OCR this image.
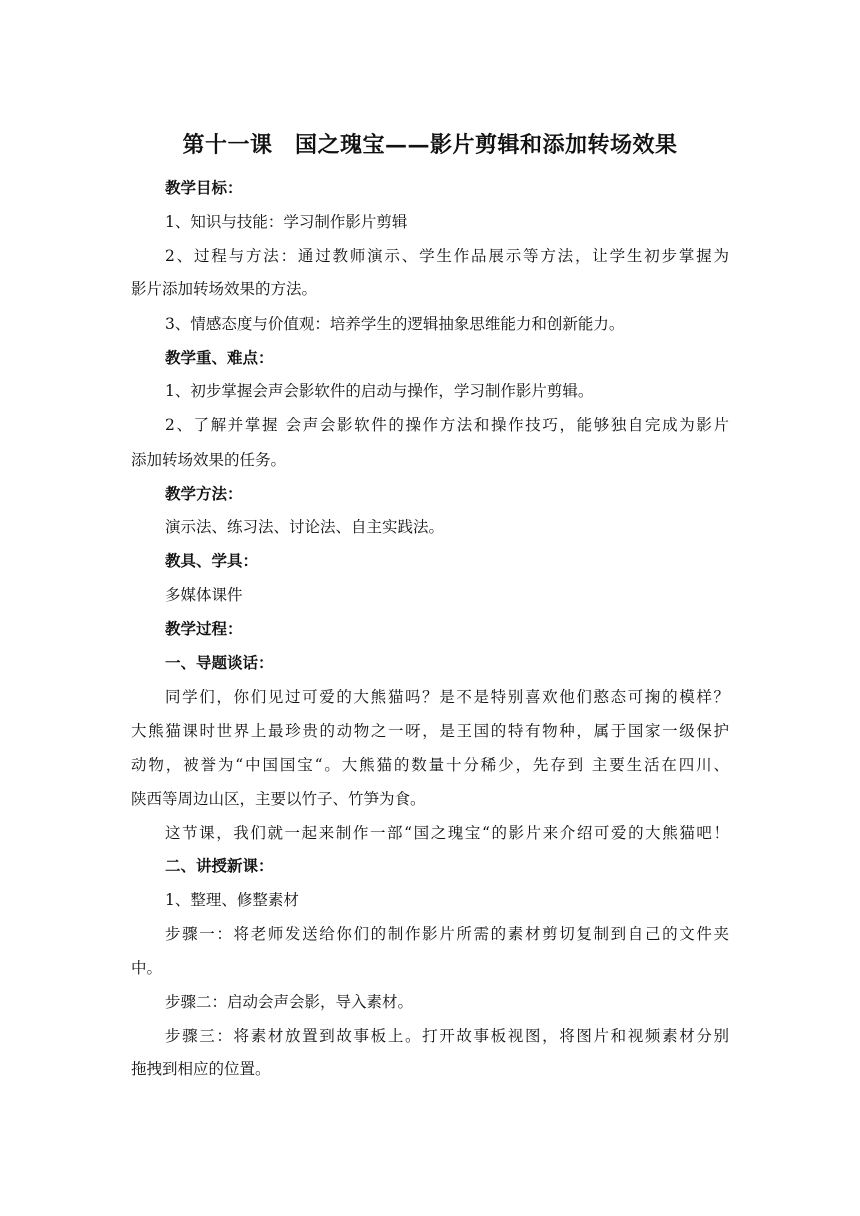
第十一课　国之瑰宝——影片剪辑和添加转场效果
教学目标：
1、知识与技能：学习制作影片剪辑
2、过程与方法：通过教师演示、学生作品展示等方法，让学生初步掌握为
影片添加转场效果的方法。
3、情感态度与价值观：培养学生的逻辑抽象思维能力和创新能力。
教学重、难点：
1、初步掌握会声会影软件的启动与操作，学习制作影片剪辑。
2、了解并掌握 会声会影软件的操作方法和操作技巧，能够独自完成为影片
添加转场效果的任务。
教学方法：
演示法、练习法、讨论法、自主实践法。
教具、学具：
多媒体课件
教学过程：
一、导题谈话：
同学们，你们见过可爱的大熊猫吗？是不是特别喜欢他们憨态可掬的模样？
大熊猫课时世界上最珍贵的动物之一呀，是王国的特有物种，属于国家一级保护
动物，被誉为“中国国宝“。大熊猫的数量十分稀少，先存到 主要生活在四川、
陕西等周边山区，主要以竹子、竹笋为食。
这节课，我们就一起来制作一部“国之瑰宝“的影片来介绍可爱的大熊猫吧！
二、讲授新课：
1、整理、修整素材
步骤一：将老师发送给你们的制作影片所需的素材剪切复制到自己的文件夹
中。
步骤二：启动会声会影，导入素材。
步骤三：将素材放置到故事板上。打开故事板视图，将图片和视频素材分别
拖拽到相应的位置。
